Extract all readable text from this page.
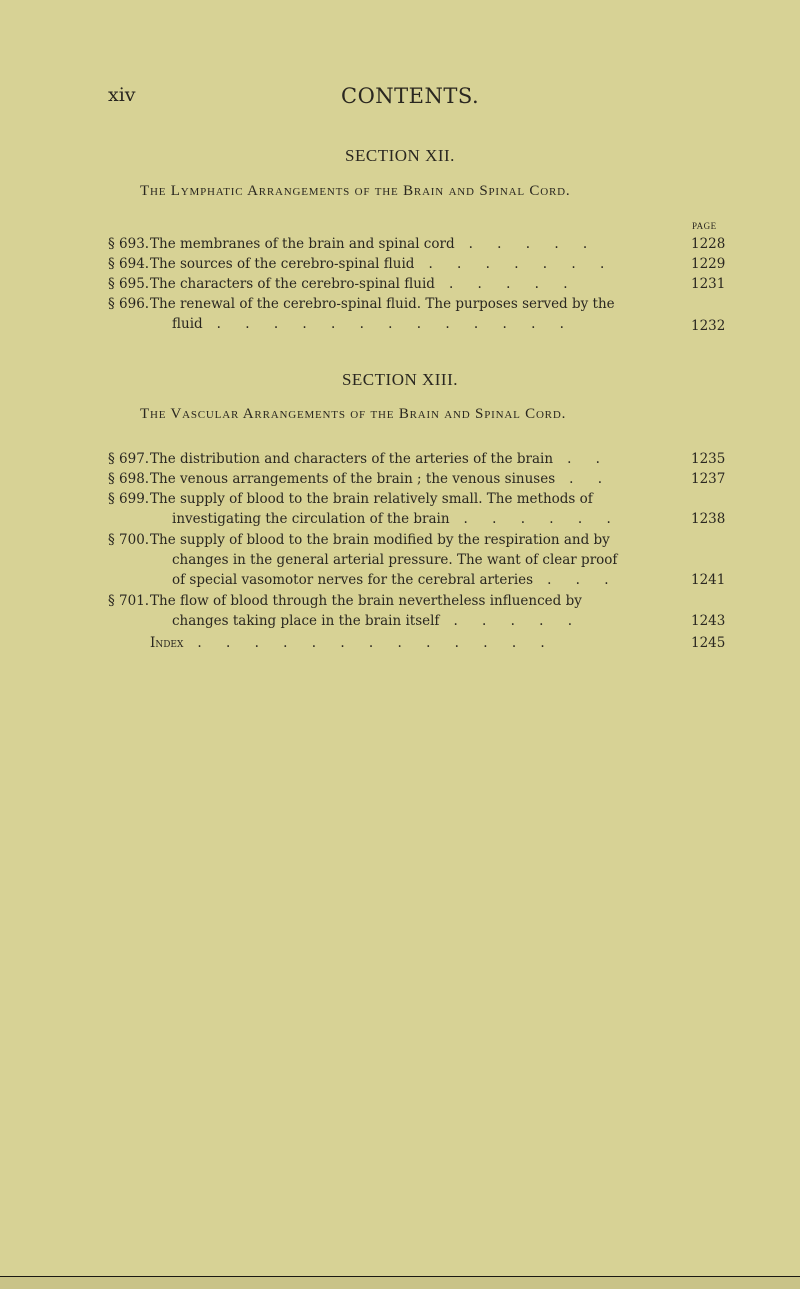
xiv	CONTENTS.
SECTION XII.
The Lymphatic Arrangements of the Brain and Spinal Cord.
PAGE
§ 693. The membranes of the brain and spinal cord . . . . .	1228
§ 694. The sources of the cerebro-spinal fluid . . . . . . .	1229
§ 695. The characters of the cerebro-spinal fluid . . . . .	1231
§ 696. The renewal of the cerebro-spinal fluid. The purposes served by the
fluid . . . . . . . . . . . . .	1232
SECTION XIII.
The Vascular Arrangements of the Brain and Spinal Cord.
§ 697. The distribution and characters of the arteries of the brain . .	1235
§ 698. The venous arrangements of the brain ; the venous sinuses . .	1237
§ 699. The supply of blood to the brain relatively small. The methods of
investigating the circulation of the brain . . . . . .	1238
§ 700. The supply of blood to the brain modified by the respiration and by
changes in the general arterial pressure. The want of clear proof
of special vasomotor nerves for the cerebral arteries . . .	1241
§ 701. The flow of blood through the brain nevertheless influenced by
changes taking place in the brain itself . . . . .	1243
Index . . . . . . . . . . . . .	1245
